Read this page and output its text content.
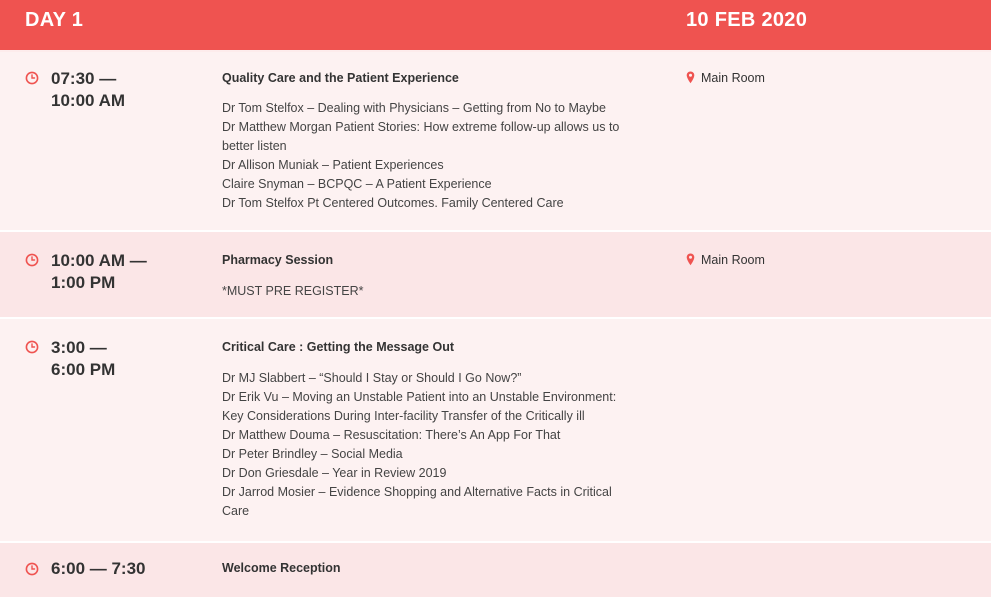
DAY 1	10 FEB 2020
07:30 —
10:00 AM
Quality Care and the Patient Experience
Dr Tom Stelfox – Dealing with Physicians – Getting from No to Maybe
Dr Matthew Morgan Patient Stories: How extreme follow-up allows us to better listen
Dr Allison Muniak – Patient Experiences
Claire Snyman – BCPQC – A Patient Experience
Dr Tom Stelfox Pt Centered Outcomes. Family Centered Care
Main Room
10:00 AM —
1:00 PM
Pharmacy Session
*MUST PRE REGISTER*
Main Room
3:00 —
6:00 PM
Critical Care : Getting the Message Out
Dr MJ Slabbert – “Should I Stay or Should I Go Now?”
Dr Erik Vu – Moving an Unstable Patient into an Unstable Environment: Key Considerations During Inter-facility Transfer of the Critically ill
Dr Matthew Douma – Resuscitation: There’s An App For That
Dr Peter Brindley – Social Media
Dr Don Griesdale – Year in Review 2019
Dr Jarrod Mosier – Evidence Shopping and Alternative Facts in Critical Care
6:00 — 7:30	Welcome Reception
